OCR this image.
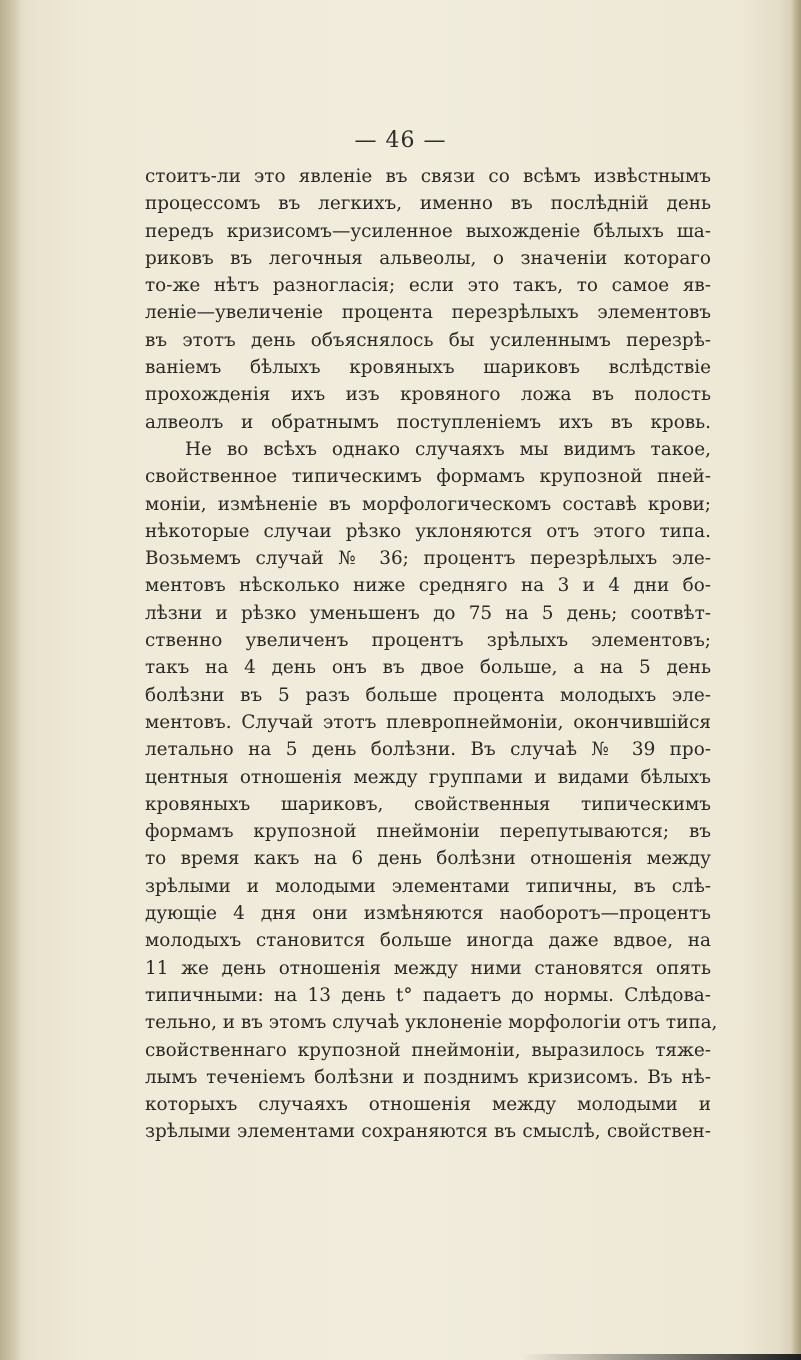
— 46 —
стоитъ-ли это явленіе въ связи со всѣмъ извѣстнымъ
процессомъ въ легкихъ, именно въ послѣдній день
передъ кризисомъ—усиленное выхожденіе бѣлыхъ ша-
риковъ въ легочныя альвеолы, о значеніи котораго
то-же нѣтъ разногласія; если это такъ, то самое яв-
леніе—увеличеніе процента перезрѣлыхъ элементовъ
въ этотъ день объяснялось бы усиленнымъ перезрѣ-
ваніемъ бѣлыхъ кровяныхъ шариковъ вслѣдствіе
прохожденія ихъ изъ кровяного ложа въ полость
алвеолъ и обратнымъ поступленіемъ ихъ въ кровь.
Не во всѣхъ однако случаяхъ мы видимъ такое,
свойственное типическимъ формамъ крупозной пней-
моніи, измѣненіе въ морфологическомъ составѣ крови;
нѣкоторые случаи рѣзко уклоняются отъ этого типа.
Возьмемъ случай № 36; процентъ перезрѣлыхъ эле-
ментовъ нѣсколько ниже средняго на 3 и 4 дни бо-
лѣзни и рѣзко уменьшенъ до 75 на 5 день; соотвѣт-
ственно увеличенъ процентъ зрѣлыхъ элементовъ;
такъ на 4 день онъ въ двое больше, а на 5 день
болѣзни въ 5 разъ больше процента молодыхъ эле-
ментовъ. Случай этотъ плевропнеймоніи, окончившійся
летально на 5 день болѣзни. Въ случаѣ № 39 про-
центныя отношенія между группами и видами бѣлыхъ
кровяныхъ шариковъ, свойственныя типическимъ
формамъ крупозной пнеймоніи перепутываются; въ
то время какъ на 6 день болѣзни отношенія между
зрѣлыми и молодыми элементами типичны, въ слѣ-
дующіе 4 дня они измѣняются наоборотъ—процентъ
молодыхъ становится больше иногда даже вдвое, на
11 же день отношенія между ними становятся опять
типичными: на 13 день t° падаетъ до нормы. Слѣдова-
тельно, и въ этомъ случаѣ уклоненіе морфологіи отъ типа,
свойственнаго крупозной пнеймоніи, выразилось тяже-
лымъ теченіемъ болѣзни и позднимъ кризисомъ. Въ нѣ-
которыхъ случаяхъ отношенія между молодыми и
зрѣлыми элементами сохраняются въ смыслѣ, свойствен-
